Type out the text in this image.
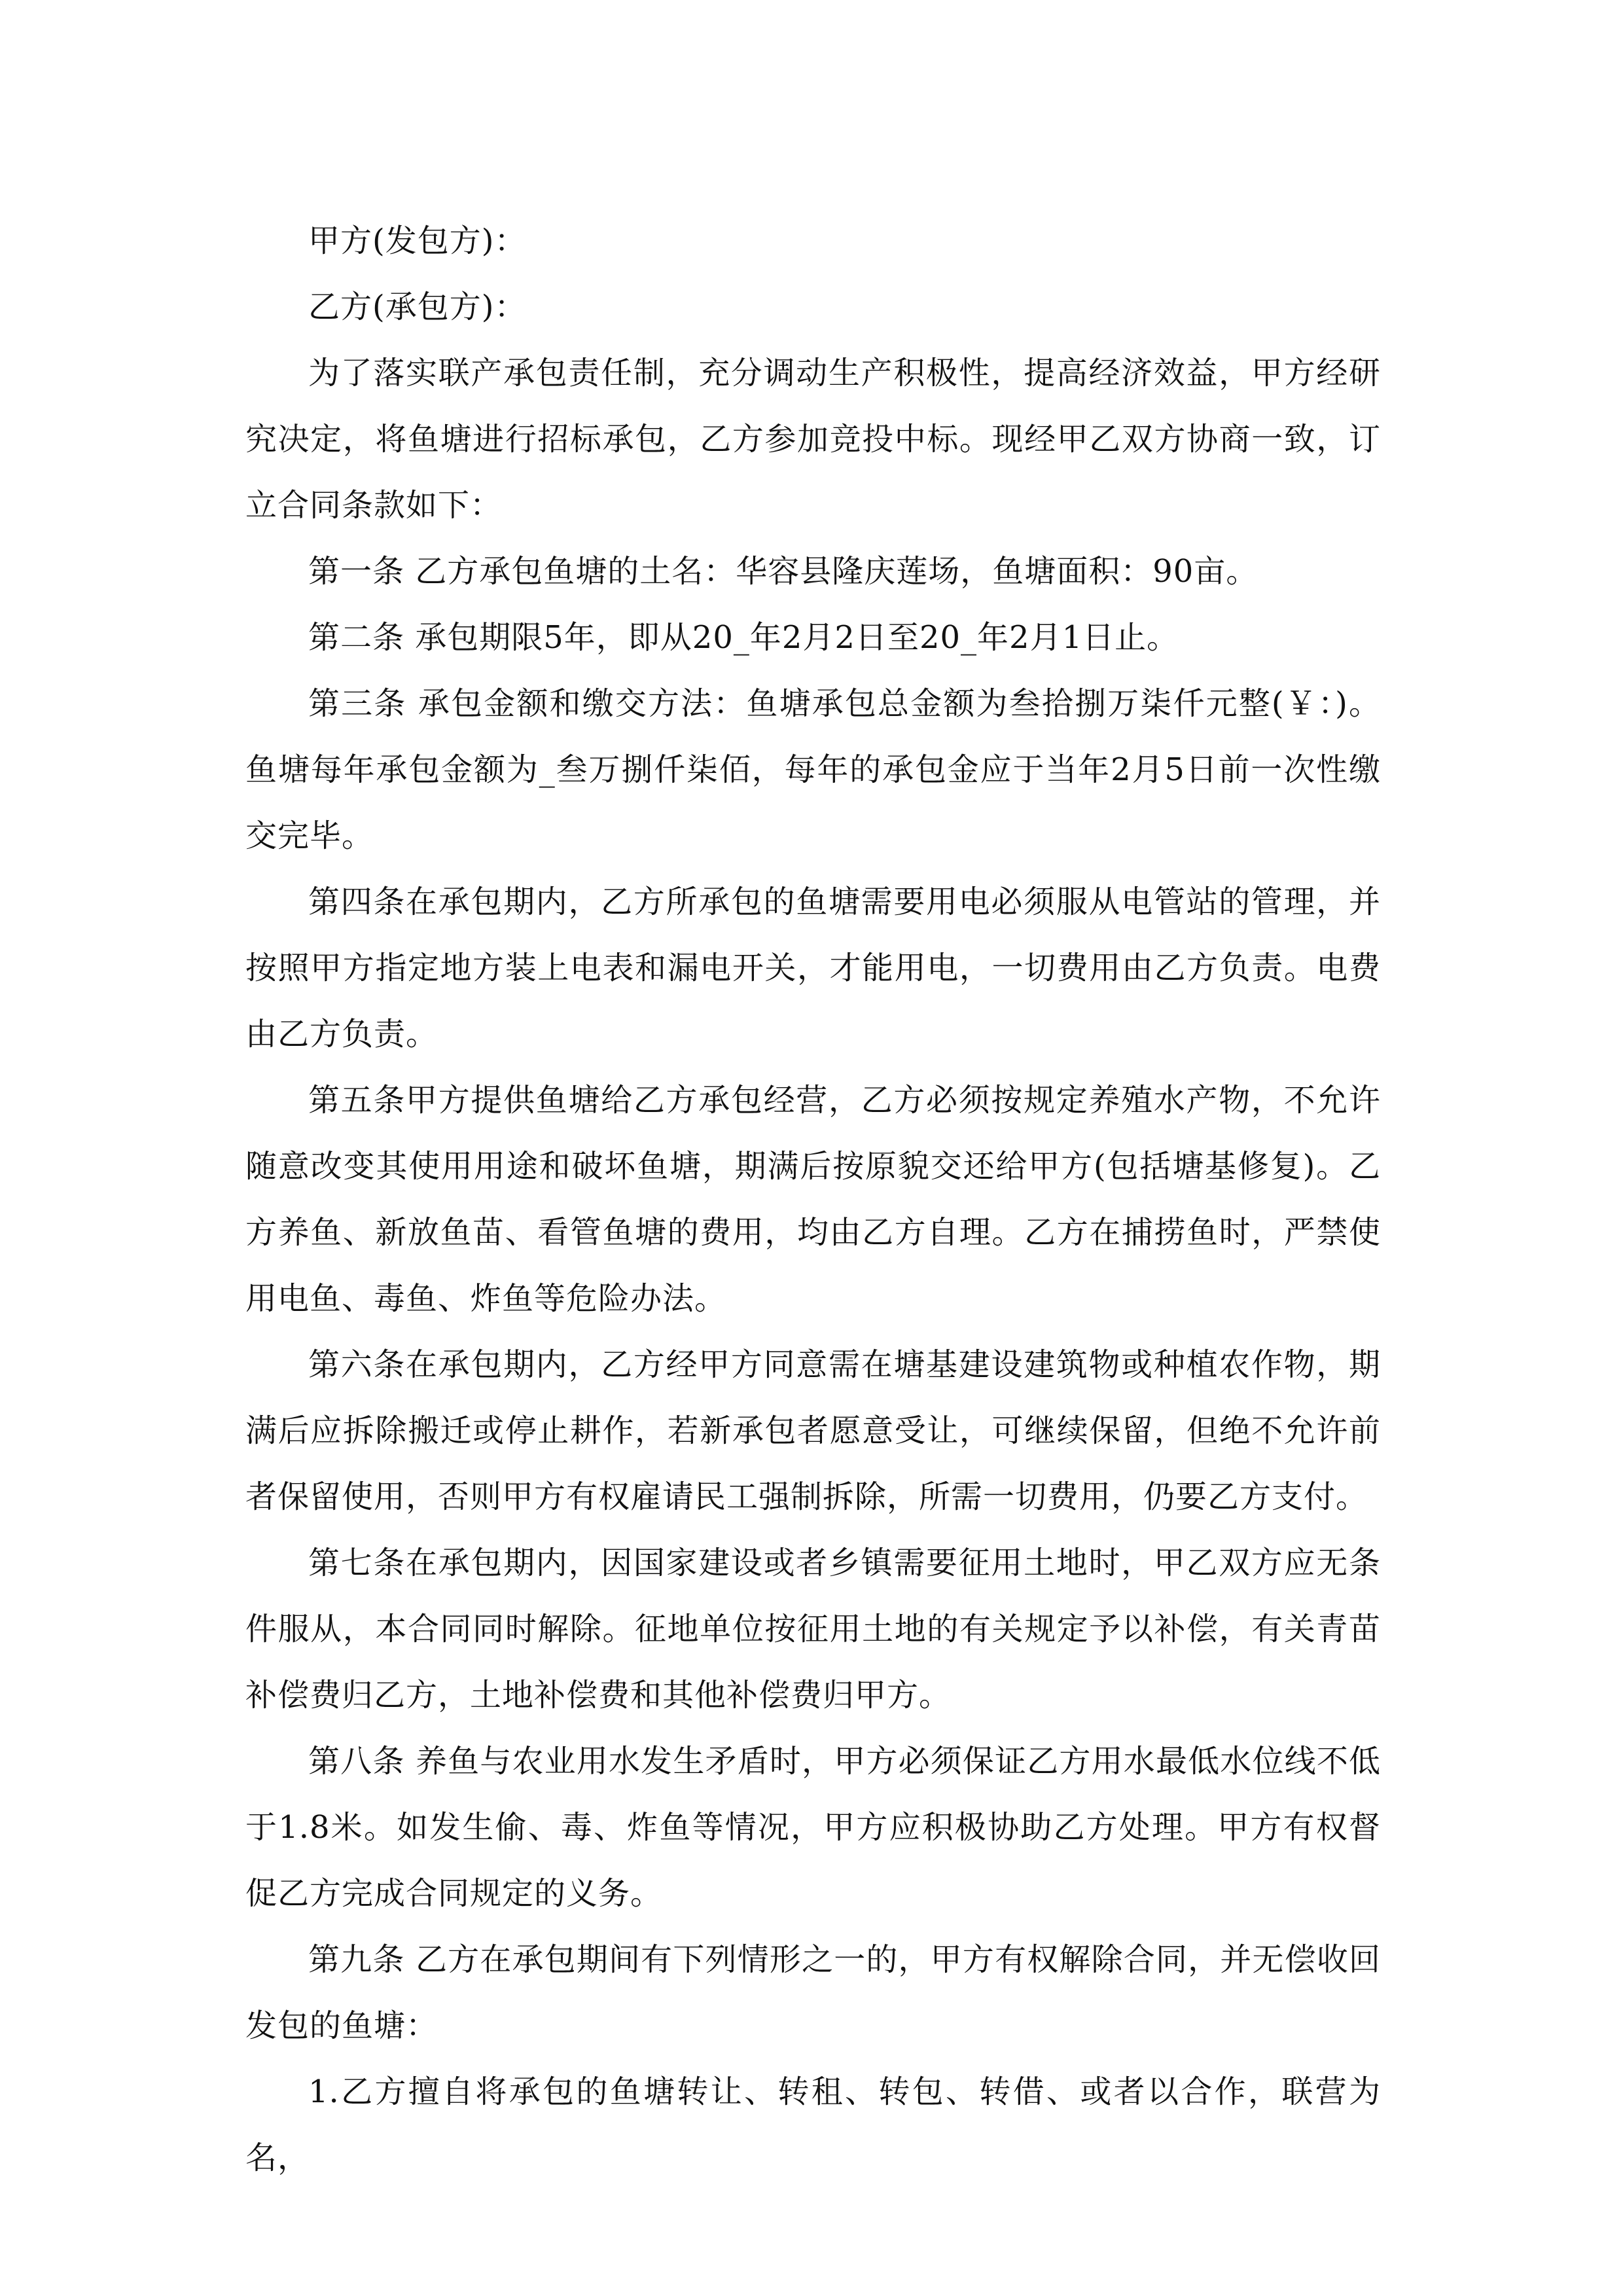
甲方(发包方)：

乙方(承包方)：

为了落实联产承包责任制，充分调动生产积极性，提高经济效益，甲方经研究决定，将鱼塘进行招标承包，乙方参加竞投中标。现经甲乙双方协商一致，订立合同条款如下：

第一条 乙方承包鱼塘的土名：华容县隆庆莲场，鱼塘面积：90亩。

第二条 承包期限5年，即从20_年2月2日至20_年2月1日止。

第三条 承包金额和缴交方法：鱼塘承包总金额为叁拾捌万柒仟元整(￥：)。鱼塘每年承包金额为_叁万捌仟柒佰，每年的承包金应于当年2月5日前一次性缴交完毕。

第四条在承包期内，乙方所承包的鱼塘需要用电必须服从电管站的管理，并按照甲方指定地方装上电表和漏电开关，才能用电，一切费用由乙方负责。电费由乙方负责。

第五条甲方提供鱼塘给乙方承包经营，乙方必须按规定养殖水产物，不允许随意改变其使用用途和破坏鱼塘，期满后按原貌交还给甲方(包括塘基修复)。乙方养鱼、新放鱼苗、看管鱼塘的费用，均由乙方自理。乙方在捕捞鱼时，严禁使用电鱼、毒鱼、炸鱼等危险办法。

第六条在承包期内，乙方经甲方同意需在塘基建设建筑物或种植农作物，期满后应拆除搬迁或停止耕作，若新承包者愿意受让，可继续保留，但绝不允许前者保留使用，否则甲方有权雇请民工强制拆除，所需一切费用，仍要乙方支付。

第七条在承包期内，因国家建设或者乡镇需要征用土地时，甲乙双方应无条件服从，本合同同时解除。征地单位按征用土地的有关规定予以补偿，有关青苗补偿费归乙方，土地补偿费和其他补偿费归甲方。

第八条 养鱼与农业用水发生矛盾时，甲方必须保证乙方用水最低水位线不低于1.8米。如发生偷、毒、炸鱼等情况，甲方应积极协助乙方处理。甲方有权督促乙方完成合同规定的义务。

第九条 乙方在承包期间有下列情形之一的，甲方有权解除合同，并无偿收回发包的鱼塘：

1.乙方擅自将承包的鱼塘转让、转租、转包、转借、或者以合作，联营为名，
